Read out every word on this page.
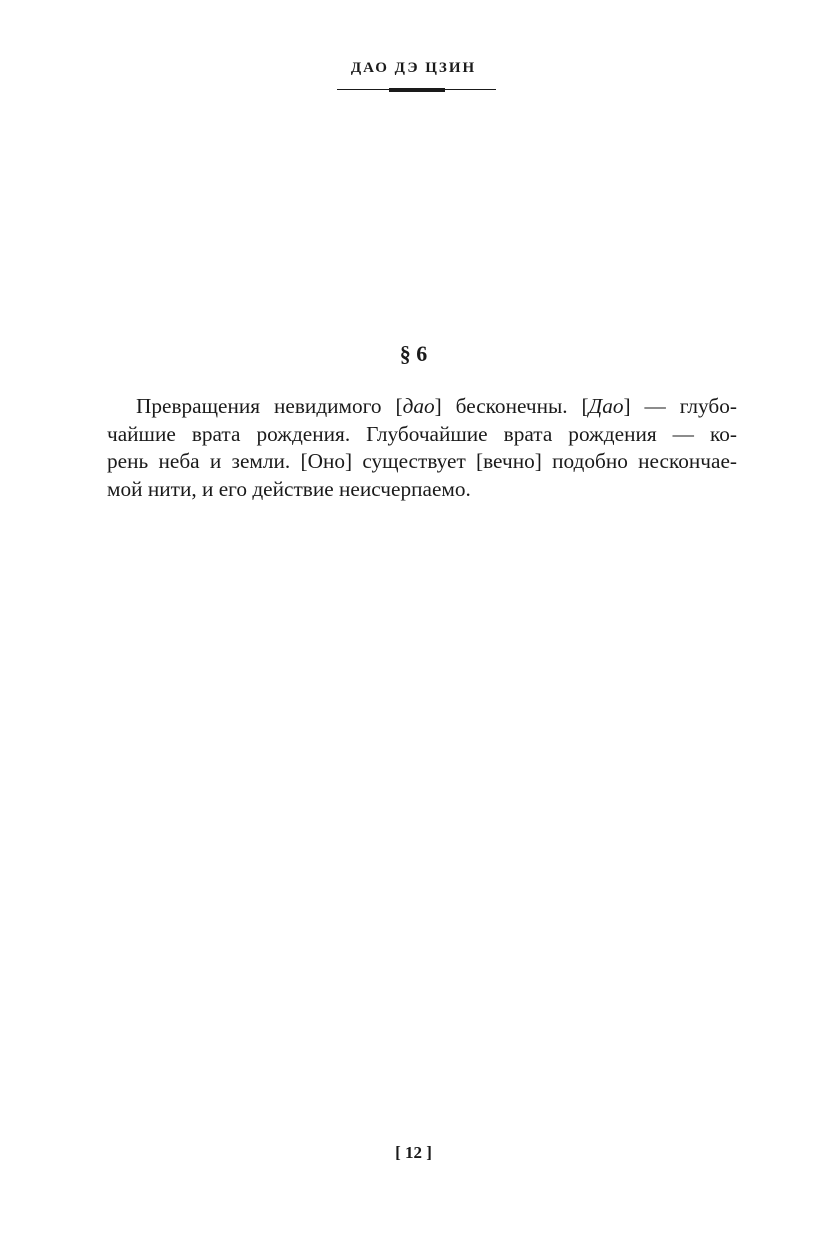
ДАО ДЭ ЦЗИН
§ 6
Превращения невидимого [дао] бесконечны. [Дао] — глубо-
чайшие врата рождения. Глубочайшие врата рождения — ко-
рень неба и земли. [Оно] существует [вечно] подобно нескончае-
мой нити, и его действие неисчерпаемо.
[ 12 ]
